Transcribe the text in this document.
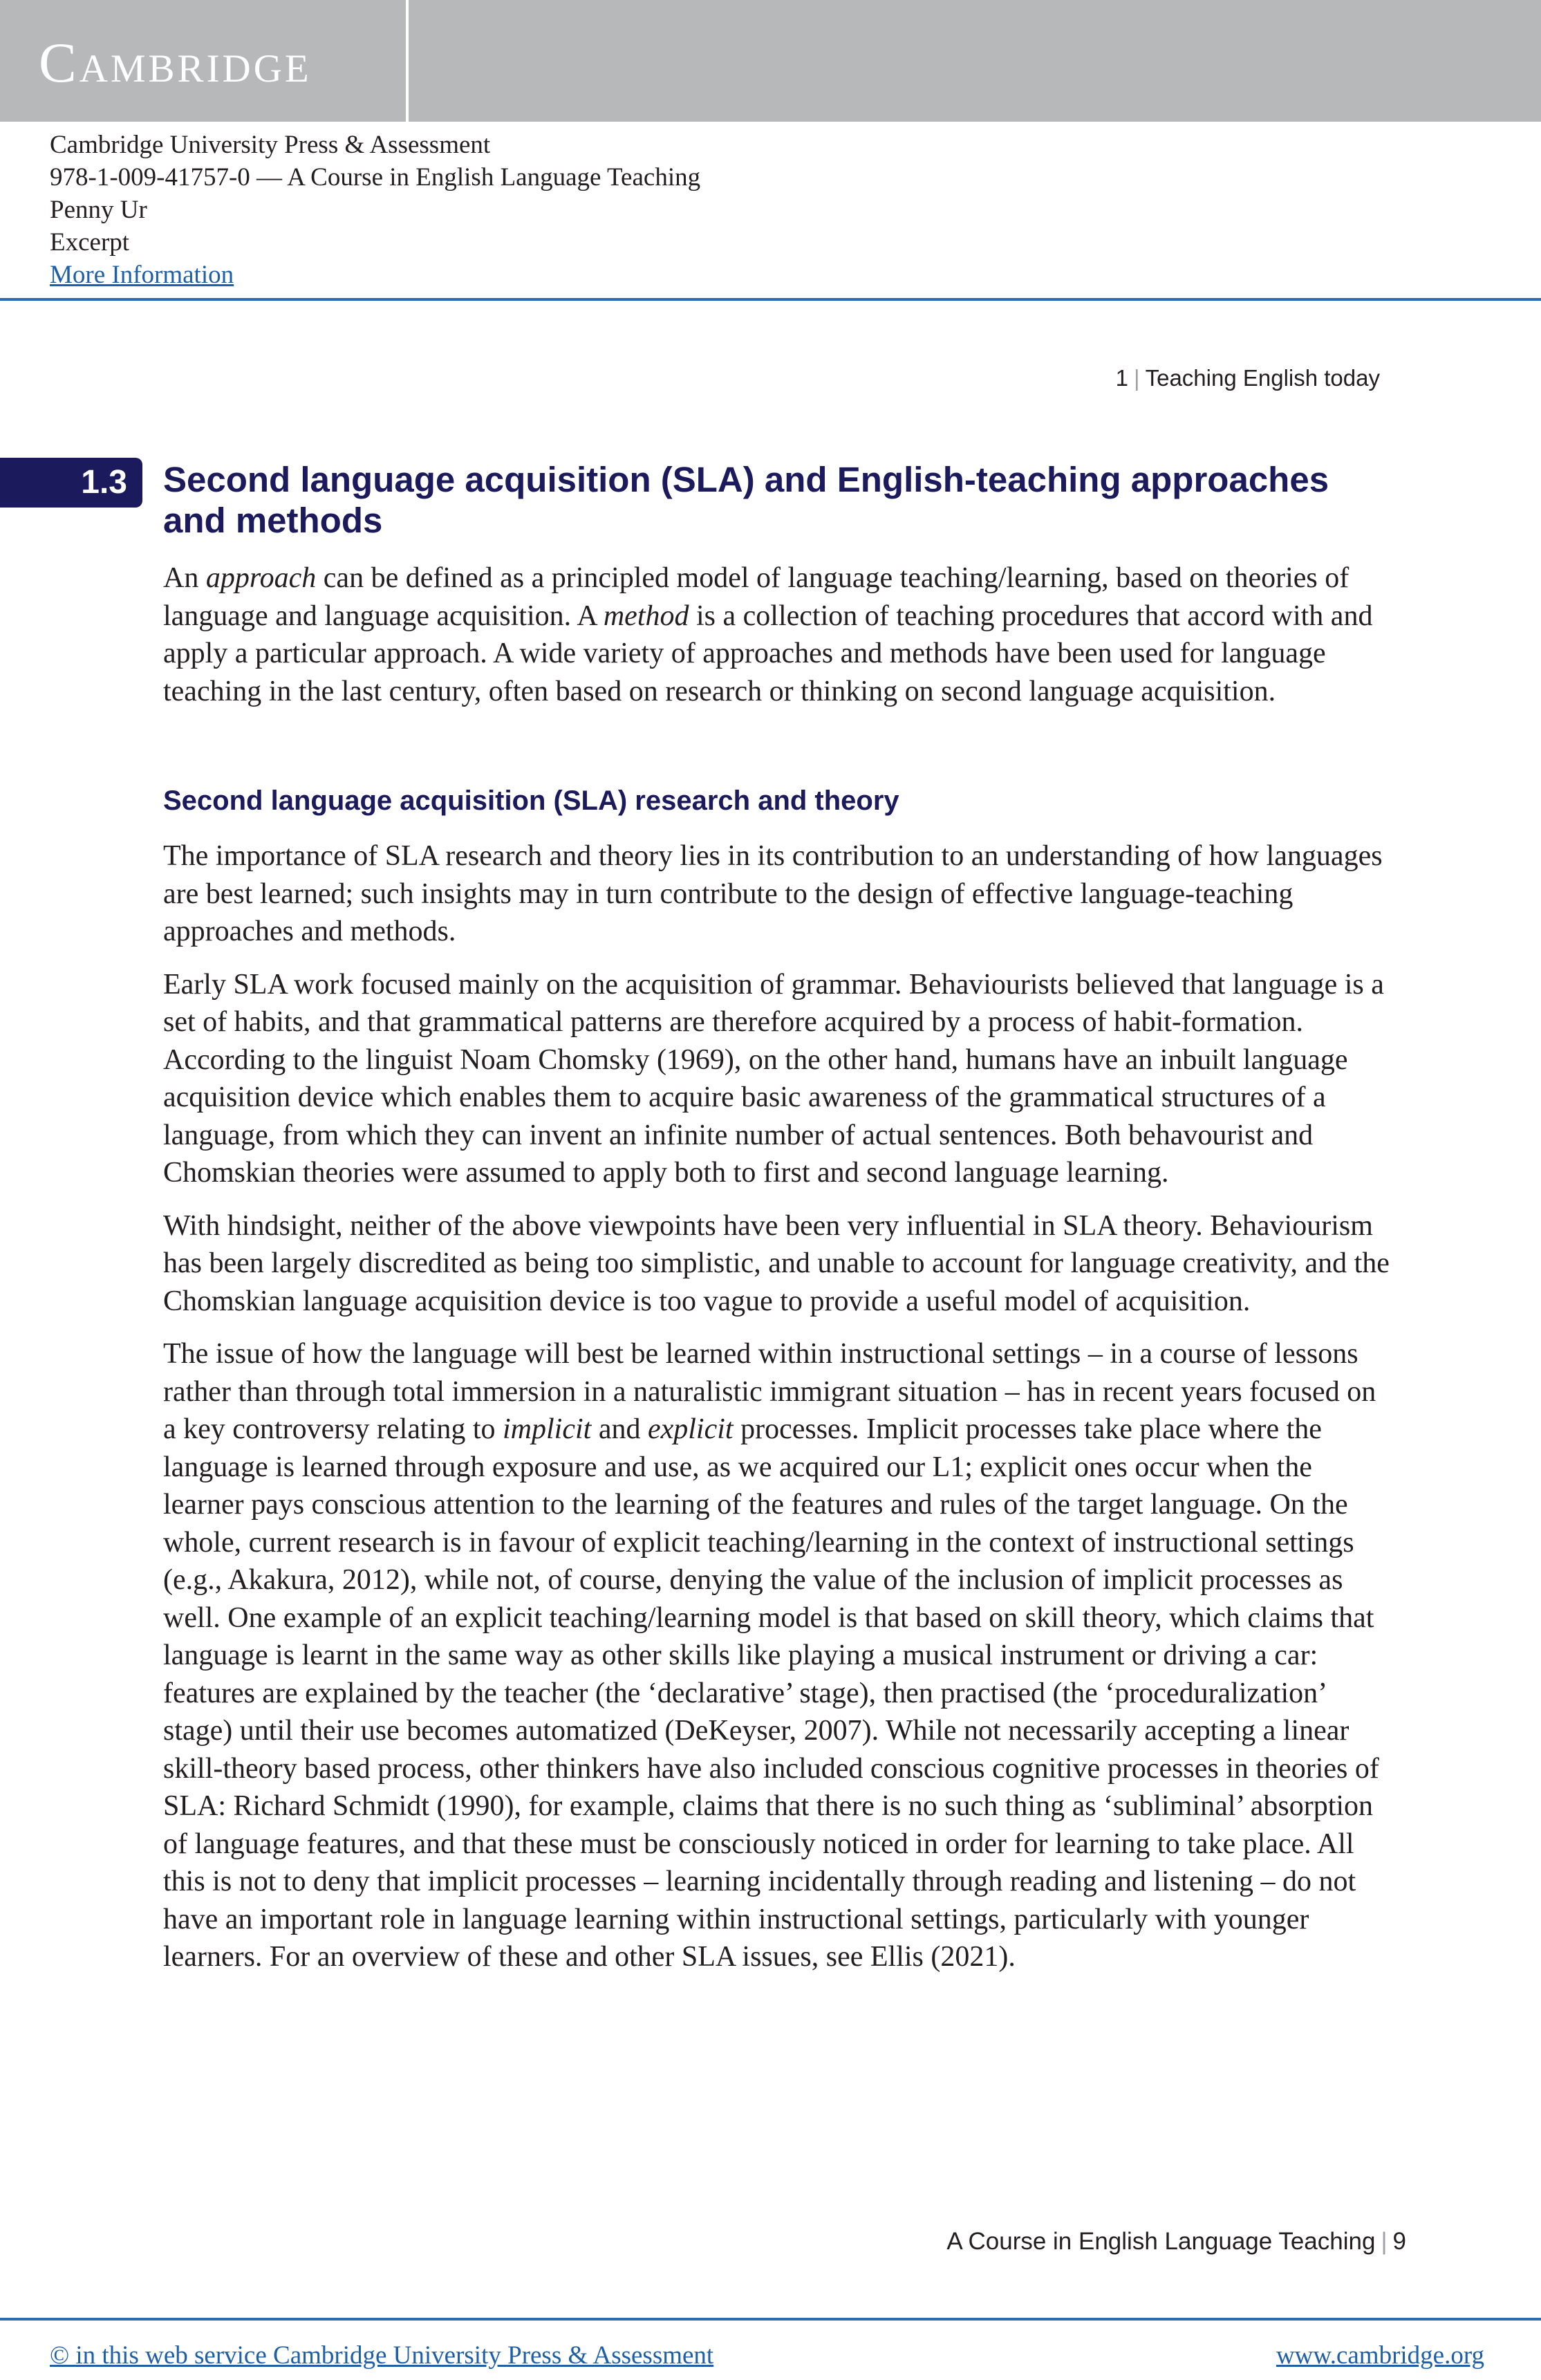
Cambridge
Cambridge University Press & Assessment
978-1-009-41757-0 — A Course in English Language Teaching
Penny Ur
Excerpt
More Information
1 | Teaching English today
1.3	Second language acquisition (SLA) and English-teaching approaches and methods

An approach can be defined as a principled model of language teaching/learning, based on theories of language and language acquisition. A method is a collection of teaching procedures that accord with and apply a particular approach. A wide variety of approaches and methods have been used for language teaching in the last century, often based on research or thinking on second language acquisition.

Second language acquisition (SLA) research and theory

The importance of SLA research and theory lies in its contribution to an understanding of how languages are best learned; such insights may in turn contribute to the design of effective language-teaching approaches and methods.

Early SLA work focused mainly on the acquisition of grammar. Behaviourists believed that language is a set of habits, and that grammatical patterns are therefore acquired by a process of habit-formation. According to the linguist Noam Chomsky (1969), on the other hand, humans have an inbuilt language acquisition device which enables them to acquire basic awareness of the grammatical structures of a language, from which they can invent an infinite number of actual sentences. Both behavourist and Chomskian theories were assumed to apply both to first and second language learning.

With hindsight, neither of the above viewpoints have been very influential in SLA theory. Behaviourism has been largely discredited as being too simplistic, and unable to account for language creativity, and the Chomskian language acquisition device is too vague to provide a useful model of acquisition.

The issue of how the language will best be learned within instructional settings – in a course of lessons rather than through total immersion in a naturalistic immigrant situation – has in recent years focused on a key controversy relating to implicit and explicit processes. Implicit processes take place where the language is learned through exposure and use, as we acquired our L1; explicit ones occur when the learner pays conscious attention to the learning of the features and rules of the target language. On the whole, current research is in favour of explicit teaching/learning in the context of instructional settings (e.g., Akakura, 2012), while not, of course, denying the value of the inclusion of implicit processes as well. One example of an explicit teaching/learning model is that based on skill theory, which claims that language is learnt in the same way as other skills like playing a musical instrument or driving a car: features are explained by the teacher (the ‘declarative’ stage), then practised (the ‘proceduralization’ stage) until their use becomes automatized (DeKeyser, 2007). While not necessarily accepting a linear skill-theory based process, other thinkers have also included conscious cognitive processes in theories of SLA: Richard Schmidt (1990), for example, claims that there is no such thing as ‘subliminal’ absorption of language features, and that these must be consciously noticed in order for learning to take place. All this is not to deny that implicit processes – learning incidentally through reading and listening – do not have an important role in language learning within instructional settings, particularly with younger learners. For an overview of these and other SLA issues, see Ellis (2021).

A Course in English Language Teaching | 9
© in this web service Cambridge University Press & Assessment	www.cambridge.org
